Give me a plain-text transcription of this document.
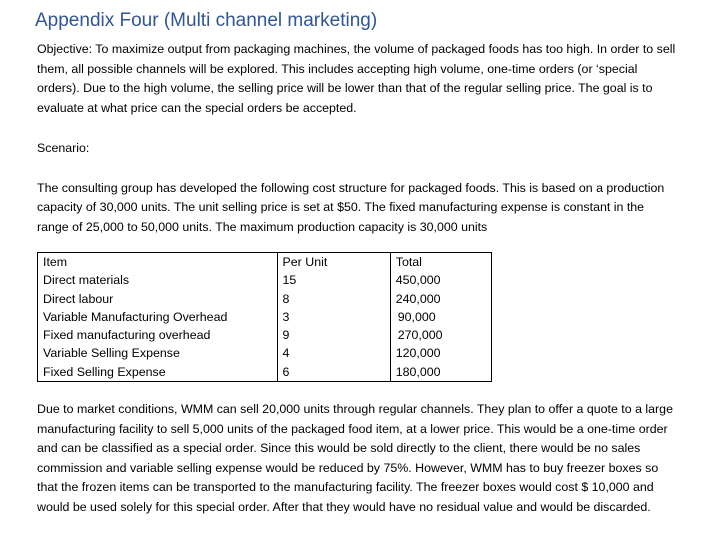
Appendix Four (Multi channel marketing)

Objective: To maximize output from packaging machines, the volume of packaged foods has too high. In order to sell them, all possible channels will be explored. This includes accepting high volume, one-time orders (or ‘special orders). Due to the high volume, the selling price will be lower than that of the regular selling price. The goal is to evaluate at what price can the special orders be accepted.

Scenario:

The consulting group has developed the following cost structure for packaged foods. This is based on a production capacity of 30,000 units. The unit selling price is set at $50. The fixed manufacturing expense is constant in the range of 25,000 to 50,000 units. The maximum production capacity is 30,000 units

Item	Per Unit	Total
Direct materials	15	450,000
Direct labour	8	240,000
Variable Manufacturing Overhead	3	90,000
Fixed manufacturing overhead	9	270,000
Variable Selling Expense	4	120,000
Fixed Selling Expense	6	180,000

Due to market conditions, WMM can sell 20,000 units through regular channels. They plan to offer a quote to a large manufacturing facility to sell 5,000 units of the packaged food item, at a lower price. This would be a one-time order and can be classified as a special order. Since this would be sold directly to the client, there would be no sales commission and variable selling expense would be reduced by 75%. However, WMM has to buy freezer boxes so that the frozen items can be transported to the manufacturing facility. The freezer boxes would cost $ 10,000 and would be used solely for this special order. After that they would have no residual value and would be discarded.
